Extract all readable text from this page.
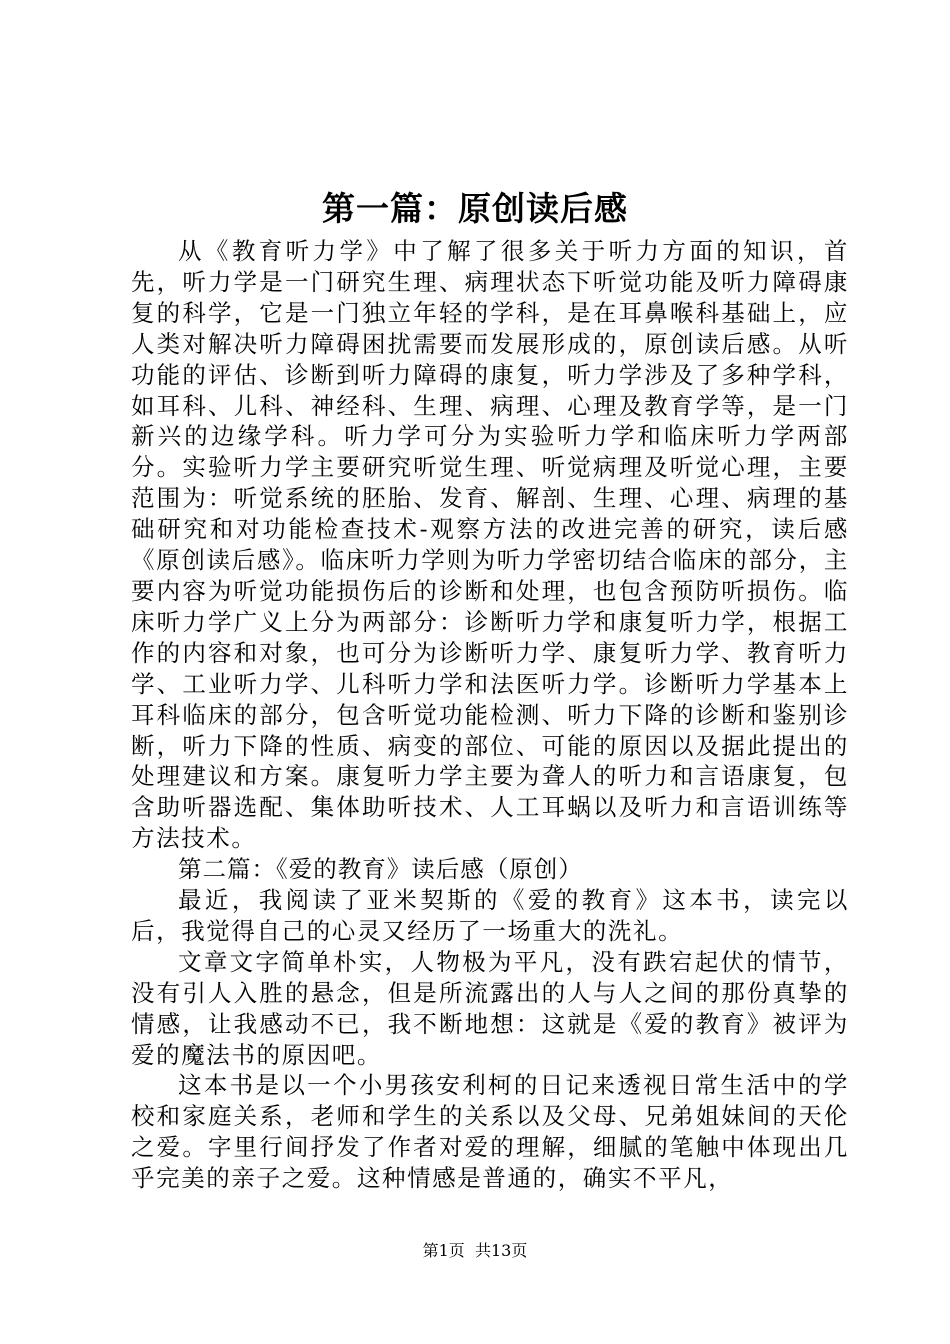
第一篇：原创读后感

从《教育听力学》中了解了很多关于听力方面的知识，首先，听力学是一门研究生理、病理状态下听觉功能及听力障碍康复的科学，它是一门独立年轻的学科，是在耳鼻喉科基础上，应人类对解决听力障碍困扰需要而发展形成的，原创读后感。从听功能的评估、诊断到听力障碍的康复，听力学涉及了多种学科，如耳科、儿科、神经科、生理、病理、心理及教育学等，是一门新兴的边缘学科。听力学可分为实验听力学和临床听力学两部分。实验听力学主要研究听觉生理、听觉病理及听觉心理，主要范围为：听觉系统的胚胎、发育、解剖、生理、心理、病理的基础研究和对功能检查技术-观察方法的改进完善的研究，读后感《原创读后感》。临床听力学则为听力学密切结合临床的部分，主要内容为听觉功能损伤后的诊断和处理，也包含预防听损伤。临床听力学广义上分为两部分：诊断听力学和康复听力学，根据工作的内容和对象，也可分为诊断听力学、康复听力学、教育听力学、工业听力学、儿科听力学和法医听力学。诊断听力学基本上耳科临床的部分，包含听觉功能检测、听力下降的诊断和鉴别诊断，听力下降的性质、病变的部位、可能的原因以及据此提出的处理建议和方案。康复听力学主要为聋人的听力和言语康复，包含助听器选配、集体助听技术、人工耳蜗以及听力和言语训练等方法技术。

第二篇：《爱的教育》读后感（原创）

最近，我阅读了亚米契斯的《爱的教育》这本书，读完以后，我觉得自己的心灵又经历了一场重大的洗礼。

文章文字简单朴实，人物极为平凡，没有跌宕起伏的情节，没有引人入胜的悬念，但是所流露出的人与人之间的那份真挚的情感，让我感动不已，我不断地想：这就是《爱的教育》被评为爱的魔法书的原因吧。

这本书是以一个小男孩安利柯的日记来透视日常生活中的学校和家庭关系，老师和学生的关系以及父母、兄弟姐妹间的天伦之爱。字里行间抒发了作者对爱的理解，细腻的笔触中体现出几乎完美的亲子之爱。这种情感是普通的，确实不平凡，

第1页 共13页
